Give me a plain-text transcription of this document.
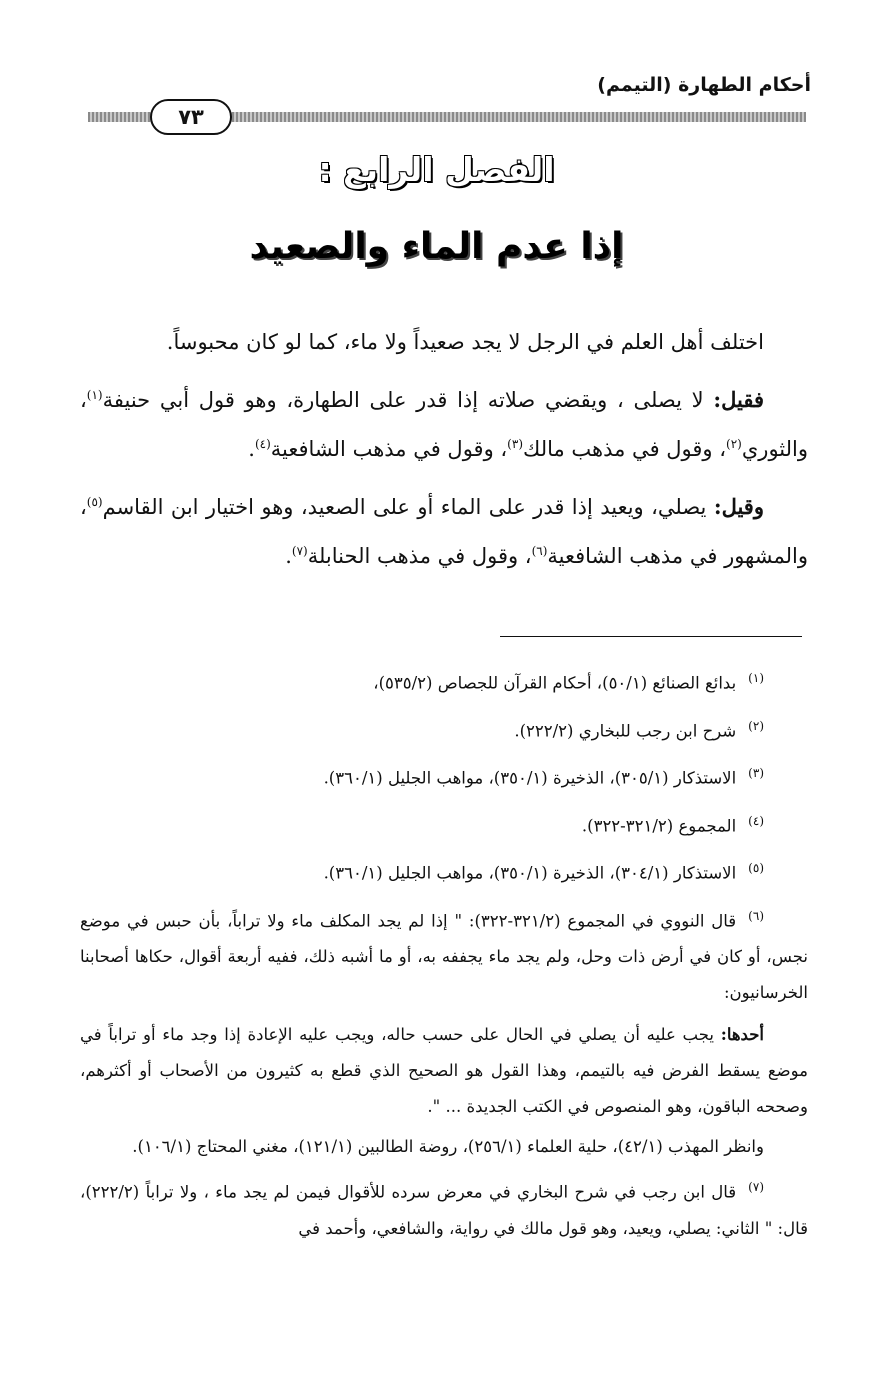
أحكام الطهارة (التيمم)
٧٣
الفصل الرابع :
إذا عدم الماء والصعيد

اختلف أهل العلم في الرجل لا يجد صعيداً ولا ماء، كما لو كان محبوساً.

فقيل: لا يصلى ، ويقضي صلاته إذا قدر على الطهارة، وهو قول أبي حنيفة$^{(١)}$، والثوري$^{(٢)}$، وقول في مذهب مالك$^{(٣)}$، وقول في مذهب الشافعية$^{(٤)}$.

وقيل: يصلي، ويعيد إذا قدر على الماء أو على الصعيد، وهو اختيار ابن القاسم$^{(٥)}$، والمشهور في مذهب الشافعية$^{(٦)}$، وقول في مذهب الحنابلة$^{(٧)}$.

$^{(١)}$بدائع الصنائع (٥٠/١)، أحكام القرآن للجصاص (٥٣٥/٢)،
$^{(٢)}$شرح ابن رجب للبخاري (٢٢٢/٢).
$^{(٣)}$الاستذكار (٣٠٥/١)، الذخيرة (٣٥٠/١)، مواهب الجليل (٣٦٠/١).
$^{(٤)}$المجموع (٣٢١/٢-٣٢٢).
$^{(٥)}$الاستذكار (٣٠٤/١)، الذخيرة (٣٥٠/١)، مواهب الجليل (٣٦٠/١).
$^{(٦)}$قال النووي في المجموع (٣٢١/٢-٣٢٢): " إذا لم يجد المكلف ماء ولا تراباً، بأن حبس في موضع نجس، أو كان في أرض ذات وحل، ولم يجد ماء يجففه به، أو ما أشبه ذلك، ففيه أربعة أقوال، حكاها أصحابنا الخرسانيون:
أحدها: يجب عليه أن يصلي في الحال على حسب حاله، ويجب عليه الإعادة إذا وجد ماء أو تراباً في موضع يسقط الفرض فيه بالتيمم، وهذا القول هو الصحيح الذي قطع به كثيرون من الأصحاب أو أكثرهم، وصححه الباقون، وهو المنصوص في الكتب الجديدة ... ".
وانظر المهذب (٤٢/١)، حلية العلماء (٢٥٦/١)، روضة الطالبين (١٢١/١)، مغني المحتاج (١٠٦/١).
$^{(٧)}$قال ابن رجب في شرح البخاري في معرض سرده للأقوال فيمن لم يجد ماء ، ولا تراباً (٢٢٢/٢)، قال: " الثاني: يصلي، ويعيد، وهو قول مالك في رواية، والشافعي، وأحمد في
